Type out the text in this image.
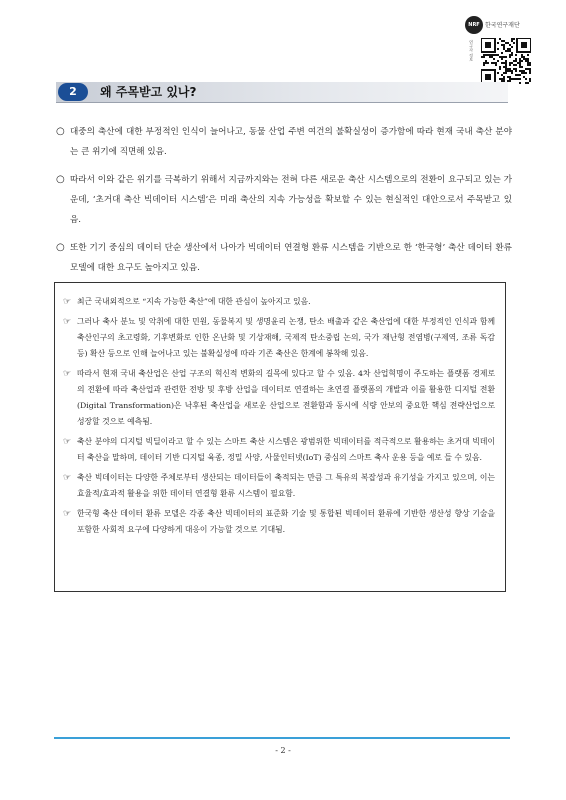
NRF 한국연구재단
연구자 정보
2	왜 주목받고 있나?
○ 대중의 축산에 대한 부정적인 인식이 늘어나고, 동물 산업 주변 여건의 불확실성이 증가함에 따라 현재 국내 축산 분야는 큰 위기에 직면해 있음.
○ 따라서 이와 같은 위기를 극복하기 위해서 지금까지와는 전혀 다른 새로운 축산 시스템으로의 전환이 요구되고 있는 가운데, ‘초거대 축산 빅데이터 시스템’은 미래 축산의 지속 가능성을 확보할 수 있는 현실적인 대안으로서 주목받고 있음.
○ 또한 기기 중심의 데이터 단순 생산에서 나아가 빅데이터 연결형 환류 시스템을 기반으로 한 ‘한국형’ 축산 데이터 환류 모델에 대한 요구도 높아지고 있음.
☞ 최근 국내외적으로 “지속 가능한 축산”에 대한 관심이 높아지고 있음.
☞ 그러나 축사 분뇨 및 악취에 대한 민원, 동물복지 및 생명윤리 논쟁, 탄소 배출과 같은 축산업에 대한 부정적인 인식과 함께 축산인구의 초고령화, 기후변화로 인한 온난화 및 기상재해, 국제적 탄소중립 논의, 국가 재난형 전염병(구제역, 조류 독감 등) 확산 등으로 인해 늘어나고 있는 불확실성에 따라 기존 축산은 한계에 봉착해 있음.
☞ 따라서 현재 국내 축산업은 산업 구조의 혁신적 변화의 길목에 있다고 할 수 있음. 4차 산업혁명이 주도하는 플랫폼 경제로의 전환에 따라 축산업과 관련한 전방 및 후방 산업을 데이터로 연결하는 초연결 플랫폼의 개발과 이를 활용한 디지털 전환(Digital Transformation)은 낙후된 축산업을 새로운 산업으로 전환함과 동시에 식량 안보의 중요한 핵심 전략산업으로 성장할 것으로 예측됨.
☞ 축산 분야의 디지털 빅딜이라고 할 수 있는 스마트 축산 시스템은 광범위한 빅데이터를 적극적으로 활용하는 초거대 빅데이터 축산을 말하며, 데이터 기반 디지털 육종, 정밀 사양, 사물인터넷(IoT) 중심의 스마트 축사 운용 등을 예로 들 수 있음.
☞ 축산 빅데이터는 다양한 주체로부터 생산되는 데이터들이 축적되는 만큼 그 특유의 복잡성과 유기성을 가지고 있으며, 이는 효율적/효과적 활용을 위한 데이터 연결형 환류 시스템이 필요함.
☞ 한국형 축산 데이터 환류 모델은 각종 축산 빅데이터의 표준화 기술 및 통합된 빅데이터 환류에 기반한 생산성 향상 기술을 포함한 사회적 요구에 다양하게 대응이 가능할 것으로 기대됨.
- 2 -
